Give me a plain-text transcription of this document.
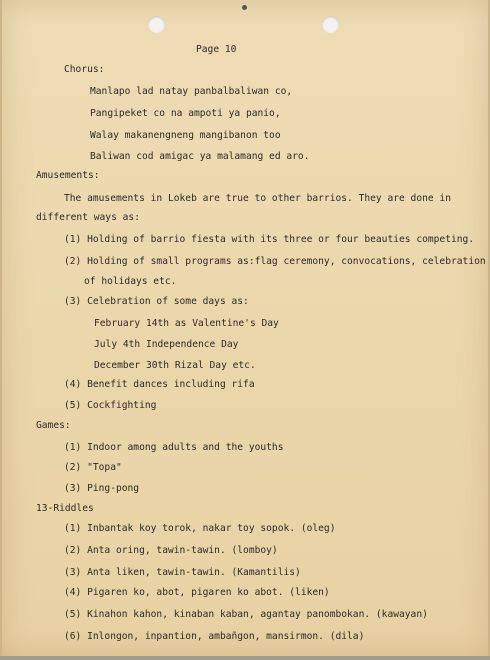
Page 10
Chorus:
Manlapo lad natay panbalbaliwan co,
Pangipeket co na ampoti ya panio,
Walay makanengneng mangibanon too
Baliwan cod amigac ya malamang ed aro.
Amusements:
The amusements in Lokeb are true to other barrios. They are done in
different ways as:
(1) Holding of barrio fiesta with its three or four beauties competing.
(2) Holding of small programs as:flag ceremony, convocations, celebration
of holidays etc.
(3) Celebration of some days as:
February 14th as Valentine's Day
July 4th Independence Day
December 30th Rizal Day etc.
(4) Benefit dances including rifa
(5) Cockfighting
Games:
(1) Indoor among adults and the youths
(2) "Topa"
(3) Ping-pong
13-Riddles
(1) Inbantak koy torok, nakar toy sopok. (oleg)
(2) Anta oring, tawin-tawin. (lomboy)
(3) Anta liken, tawin-tawin. (Kamantilis)
(4) Pigaren ko, abot, pigaren ko abot. (liken)
(5) Kinahon kahon, kinaban kaban, agantay panombokan. (kawayan)
(6) Inlongon, inpantion, ambañgon, mansirmon. (dila)
